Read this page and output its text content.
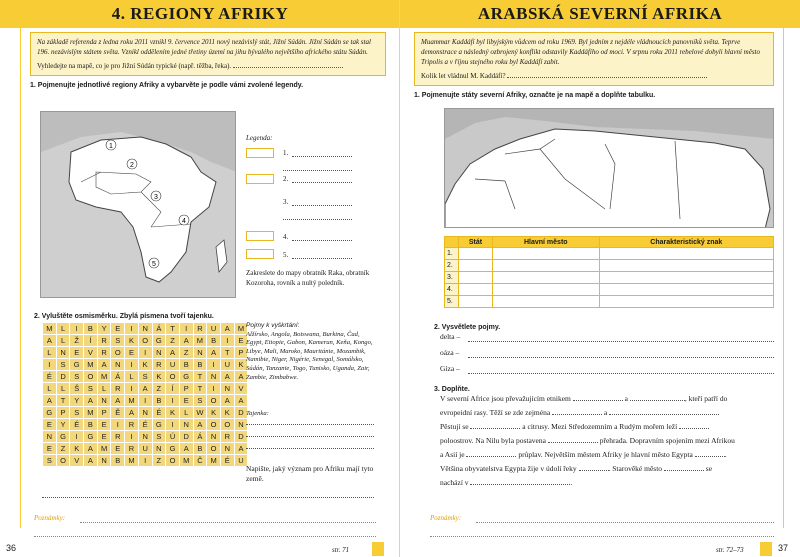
4. REGIONY AFRIKY
Na základě referenda z ledna roku 2011 vznikl 9. července 2011 nový nezávislý stát, Jižní Súdán. Jižní Súdán se tak stal 196. nezávislým státem světa. Vznikl oddělením jedné třetiny území na jihu bývalého největšího afrického státu Súdán.
Vyhledejte na mapě, co je pro Jižní Súdán typické (např. těžba, řeka).
1. Pojmenujte jednotlivé regiony Afriky a vybarvěte je podle vámi zvolené legendy.
1
2
3
4
5
Legenda:
1.
2.
3.
4.
5.
Zakreslete do mapy obratník Raka, obratník Kozoroha, rovník a nultý poledník.
2. Vyluštěte osmisměrku. Zbylá písmena tvoří tajenku.
M	L	I	B	Y	E	I	N	Á	T	I	R	U	A	M
A	L	Ž	Í	R	S	K	O	G	Z	A	M	B	I	E
L	N	E	V	R	O	E	I	N	A	Z	N	A	T	P
I	S	G	M	A	N	I	K	R	U	B	B	I	U	K
É	D	S	O	M	Á	L	S	K	O	G	T	N	A	A
L	L	Š	S	L	R	I	A	Z	Í	P	T	I	N	V
A	T	Y	A	N	A	M	I	B	I	E	S	O	A	A
G	P	S	M	P	Ě	A	N	É	K	L	W	K	K	D
E	Y	É	B	E	I	R	É	G	I	N	A	O	O	N
N	G	I	G	E	R	I	N	S	Ú	D	Á	N	R	D
E	Z	K	A	M	E	R	U	N	G	A	B	O	N	A
S	O	V	A	N	B	M	I	Z	O	M	Č	M	É	U
Pojmy k vyškrtání:
Alžírsko, Angola, Botswana, Burkina, Čad, Egypt, Etiopie, Gabon, Kamerun, Keňa, Kongo, Libye, Mali, Maroko, Mauritánie, Mozambik, Namibie, Niger, Nigérie, Senegal, Somálsko, Súdán, Tanzanie, Togo, Tunisko, Uganda, Zair, Zambie, Zimbabwe.
Tajenka:
Napište, jaký význam pro Afriku mají tyto země.
Poznámky:
36	str. 71
ARABSKÁ SEVERNÍ AFRIKA
Muammar Kaddáfí byl libyjským vůdcem od roku 1969. Byl jedním z nejdéle vládnoucích panovníků světa. Teprve demonstrace a následný ozbrojený konflikt odstavily Kaddáfího od moci. V srpnu roku 2011 rebelové dobyli hlavní město Tripolis a v říjnu stejného roku byl Kaddáfí zabit.
Kolik let vládnul M. Kaddáfí?
1. Pojmenujte státy severní Afriky, označte je na mapě a doplňte tabulku.
	Stát	Hlavní město	Charakteristický znak
1.			
2.			
3.			
4.			
5.			
2. Vysvětlete pojmy.
delta –
oáza –
Gíza –
3. Doplňte.
V severní Africe jsou převažujícím etnikem	a	, kteří patří do
evropeidní rasy. Těží se zde zejména	a
Pěstují se	a citrusy. Mezi Středozemním a Rudým mořem leží
poloostrov. Na Nilu byla postavena	přehrada. Dopravním spojením mezi Afrikou
a Asií je	průplav. Největším městem Afriky je hlavní město Egypta	.
Většina obyvatelstva Egypta žije v údolí řeky	. Starověké město	se
nachází v	.
Poznámky:
str. 72–73	37
